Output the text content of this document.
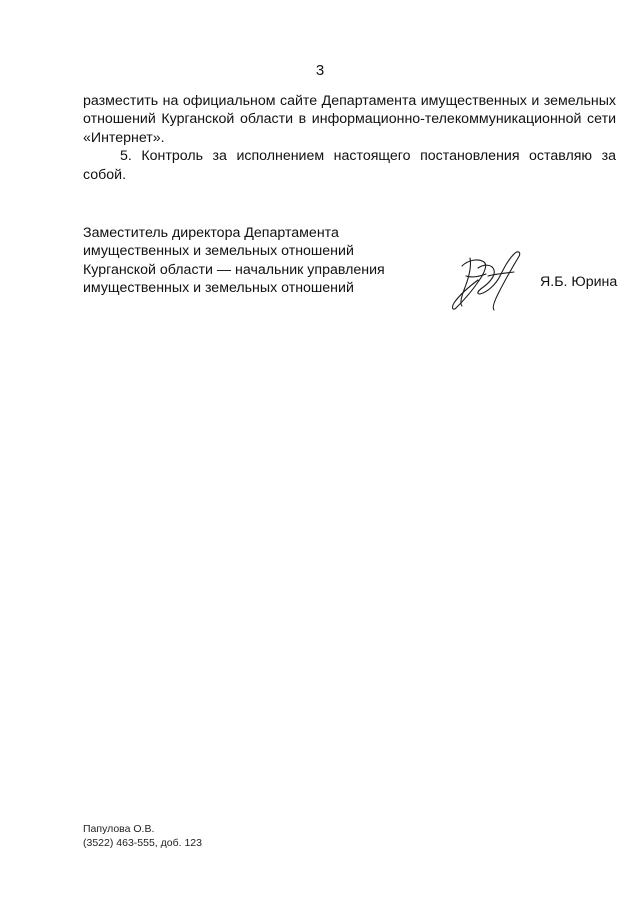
3

разместить на официальном сайте Департамента имущественных и земельных отношений Курганской области в информационно-телекоммуникационной сети «Интернет».

5. Контроль за исполнением настоящего постановления оставляю за собой.

Заместитель директора Департамента
имущественных и земельных отношений
Курганской области — начальник управления
имущественных и земельных отношений	Я.Б. Юрина
Папулова О.В.
(3522) 463-555, доб. 123
